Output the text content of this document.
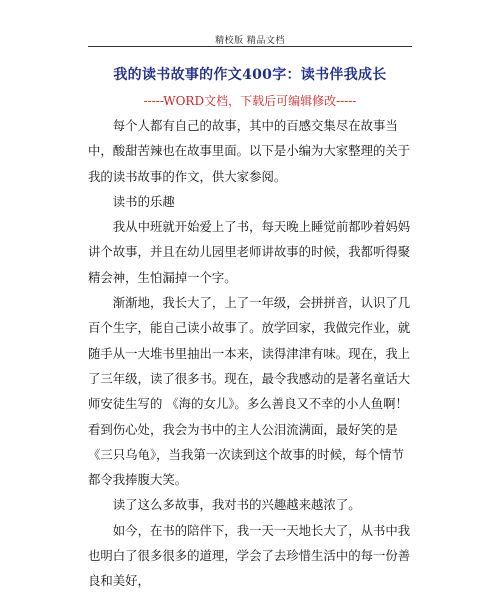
精校版 精品文档
我的读书故事的作文400字：读书伴我成长
-----WORD文档，下载后可编辑修改-----

每个人都有自己的故事，其中的百感交集尽在故事当中，酸甜苦辣也在故事里面。以下是小编为大家整理的关于我的读书故事的作文，供大家参阅。

读书的乐趣

我从中班就开始爱上了书，每天晚上睡觉前都吵着妈妈讲个故事，并且在幼儿园里老师讲故事的时候，我都听得聚精会神，生怕漏掉一个字。

渐渐地，我长大了，上了一年级，会拼拼音，认识了几百个生字，能自己读小故事了。放学回家，我做完作业，就随手从一大堆书里抽出一本来，读得津津有味。现在，我上了三年级，读了很多书。现在，最令我感动的是著名童话大师安徒生写的 《海的女儿》。多么善良又不幸的小人鱼啊！看到伤心处，我会为书中的主人公泪流满面，最好笑的是《三只乌龟》，当我第一次读到这个故事的时候，每个情节都令我捧腹大笑。

读了这么多故事，我对书的兴趣越来越浓了。

如今，在书的陪伴下，我一天一天地长大了，从书中我也明白了很多很多的道理，学会了去珍惜生活中的每一份善良和美好，
